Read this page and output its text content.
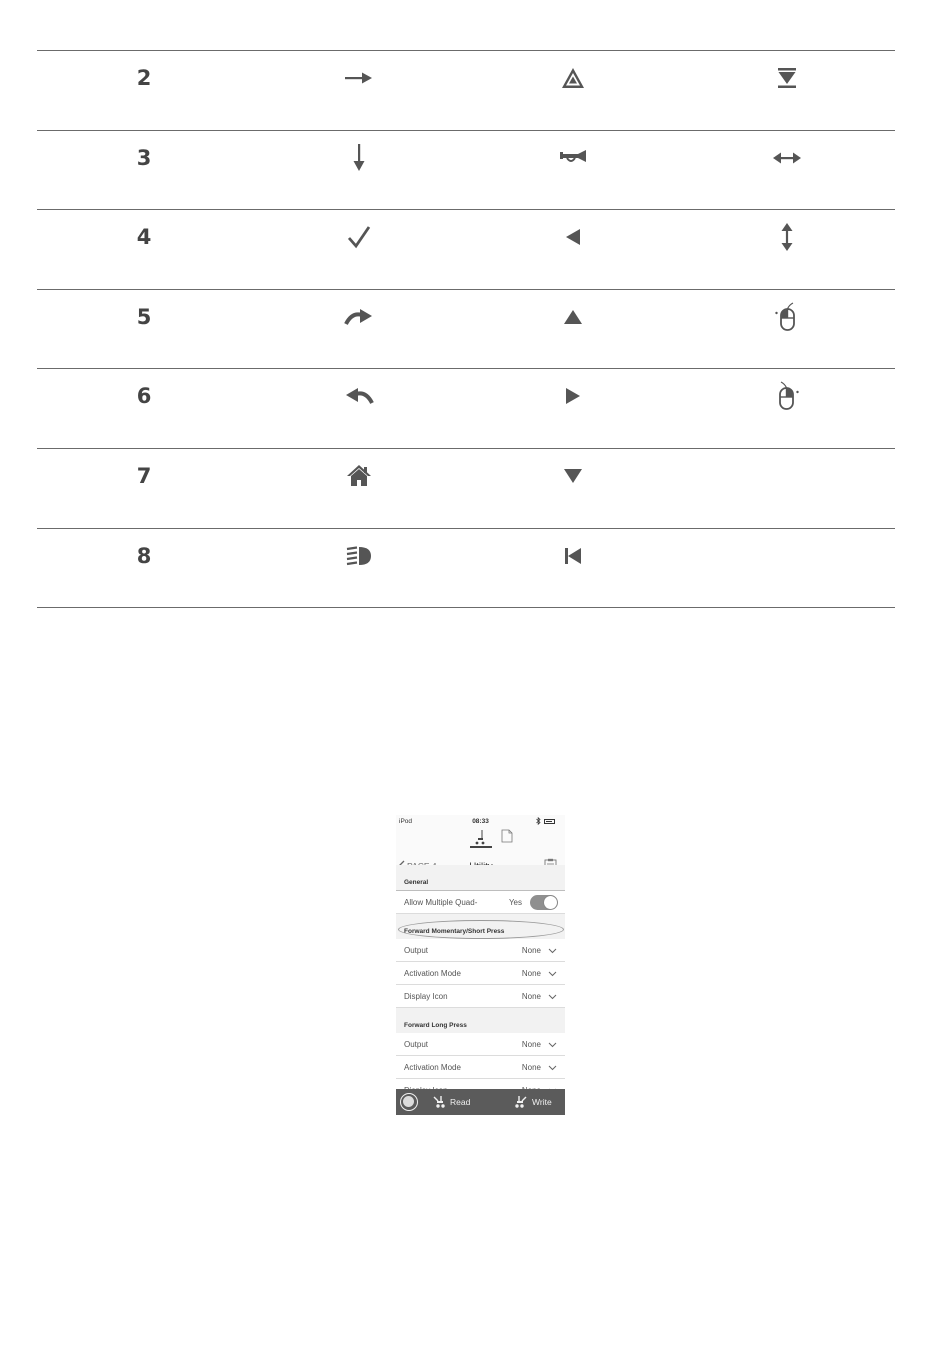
2
3
4
5
6
7
8
iPod	08:33
General
Allow Multiple Quad-	Yes
Forward Momentary/Short Press
Output	None
Activation Mode	None
Display Icon	None
Forward Long Press
Output	None
Activation Mode	None
Read	Write
